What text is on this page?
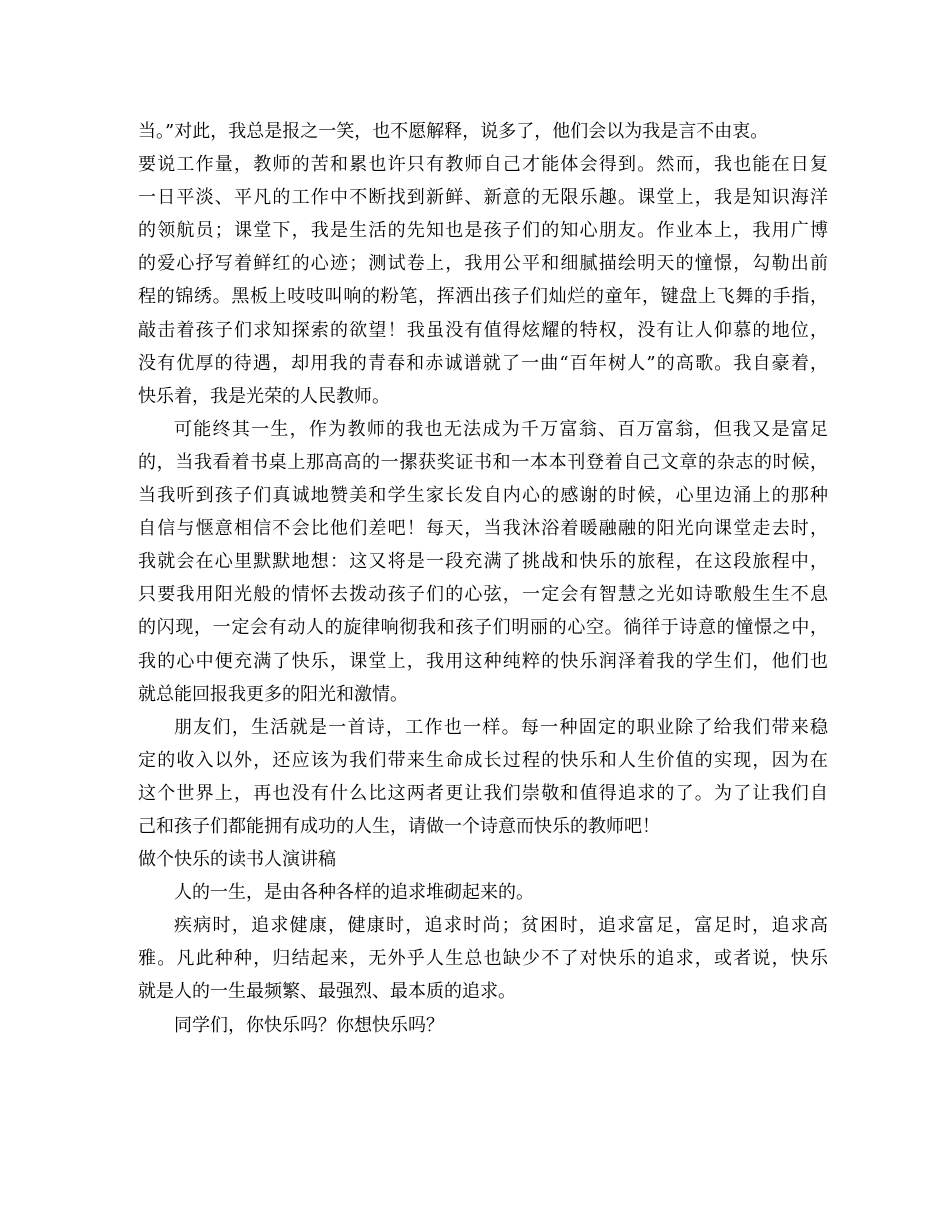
当。”对此，我总是报之一笑，也不愿解释，说多了，他们会以为我是言不由衷。
要说工作量，教师的苦和累也许只有教师自己才能体会得到。然而，我也能在日复
一日平淡、平凡的工作中不断找到新鲜、新意的无限乐趣。课堂上，我是知识海洋
的领航员；课堂下，我是生活的先知也是孩子们的知心朋友。作业本上，我用广博
的爱心抒写着鲜红的心迹；测试卷上，我用公平和细腻描绘明天的憧憬，勾勒出前
程的锦绣。黑板上吱吱叫响的粉笔，挥洒出孩子们灿烂的童年，键盘上飞舞的手指，
敲击着孩子们求知探索的欲望！我虽没有值得炫耀的特权，没有让人仰慕的地位，
没有优厚的待遇，却用我的青春和赤诚谱就了一曲“百年树人”的高歌。我自豪着，
快乐着，我是光荣的人民教师。
可能终其一生，作为教师的我也无法成为千万富翁、百万富翁，但我又是富足
的，当我看着书桌上那高高的一摞获奖证书和一本本刊登着自己文章的杂志的时候，
当我听到孩子们真诚地赞美和学生家长发自内心的感谢的时候，心里边涌上的那种
自信与惬意相信不会比他们差吧！每天，当我沐浴着暖融融的阳光向课堂走去时，
我就会在心里默默地想：这又将是一段充满了挑战和快乐的旅程，在这段旅程中，
只要我用阳光般的情怀去拨动孩子们的心弦，一定会有智慧之光如诗歌般生生不息
的闪现，一定会有动人的旋律响彻我和孩子们明丽的心空。徜徉于诗意的憧憬之中，
我的心中便充满了快乐，课堂上，我用这种纯粹的快乐润泽着我的学生们，他们也
就总能回报我更多的阳光和激情。
朋友们，生活就是一首诗，工作也一样。每一种固定的职业除了给我们带来稳
定的收入以外，还应该为我们带来生命成长过程的快乐和人生价值的实现，因为在
这个世界上，再也没有什么比这两者更让我们崇敬和值得追求的了。为了让我们自
己和孩子们都能拥有成功的人生，请做一个诗意而快乐的教师吧！
做个快乐的读书人演讲稿
人的一生，是由各种各样的追求堆砌起来的。
疾病时，追求健康，健康时，追求时尚；贫困时，追求富足，富足时，追求高
雅。凡此种种，归结起来，无外乎人生总也缺少不了对快乐的追求，或者说，快乐
就是人的一生最频繁、最强烈、最本质的追求。
同学们，你快乐吗？你想快乐吗？
